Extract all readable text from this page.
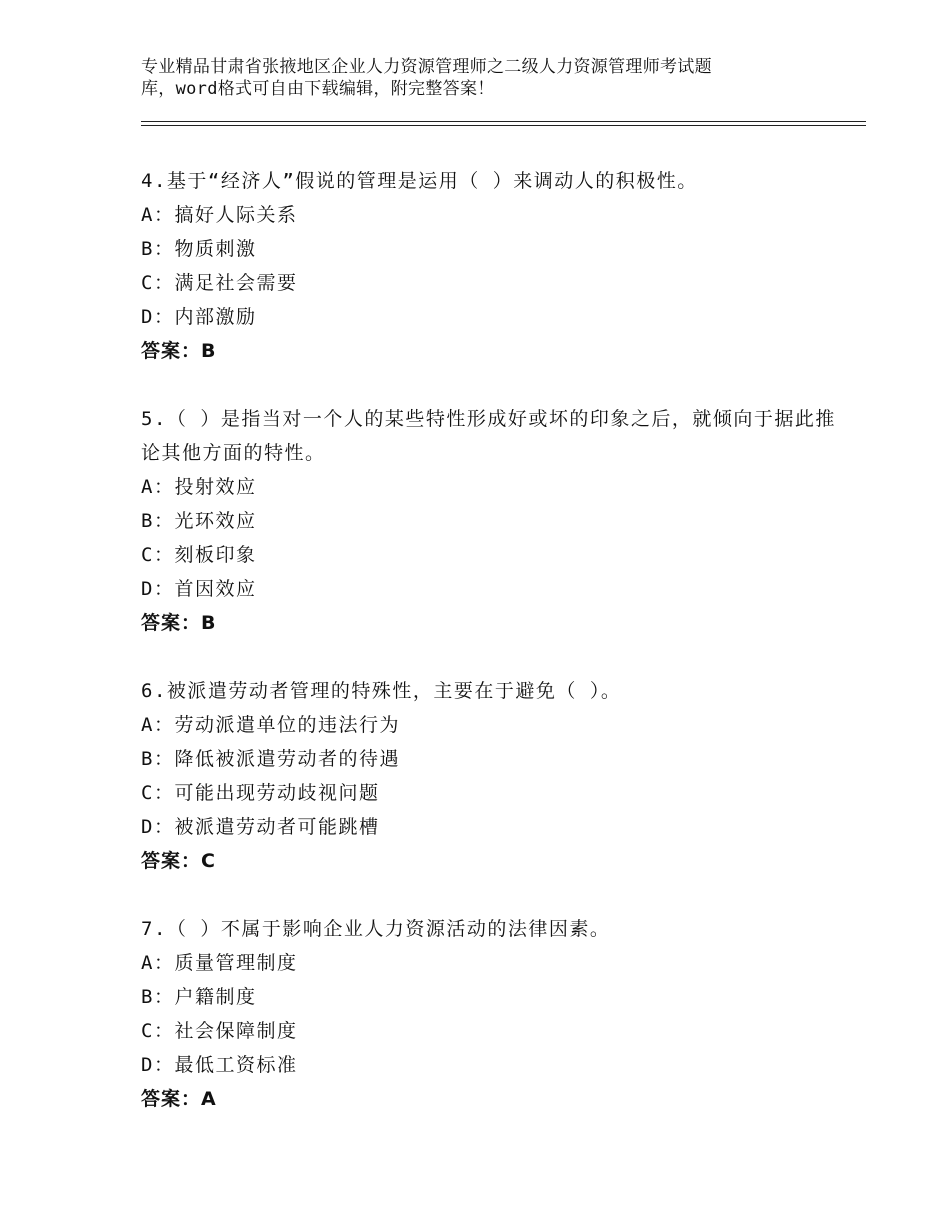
专业精品甘肃省张掖地区企业人力资源管理师之二级人力资源管理师考试题
库，word格式可自由下载编辑，附完整答案！
4.基于“经济人”假说的管理是运用（ ）来调动人的积极性。
A：搞好人际关系
B：物质刺激
C：满足社会需要
D：内部激励
答案：B
5.（ ）是指当对一个人的某些特性形成好或坏的印象之后，就倾向于据此推论其他方面的特性。
A：投射效应
B：光环效应
C：刻板印象
D：首因效应
答案：B
6.被派遣劳动者管理的特殊性，主要在于避免（ ）。
A：劳动派遣单位的违法行为
B：降低被派遣劳动者的待遇
C：可能出现劳动歧视问题
D：被派遣劳动者可能跳槽
答案：C
7.（ ）不属于影响企业人力资源活动的法律因素。
A：质量管理制度
B：户籍制度
C：社会保障制度
D：最低工资标准
答案：A
